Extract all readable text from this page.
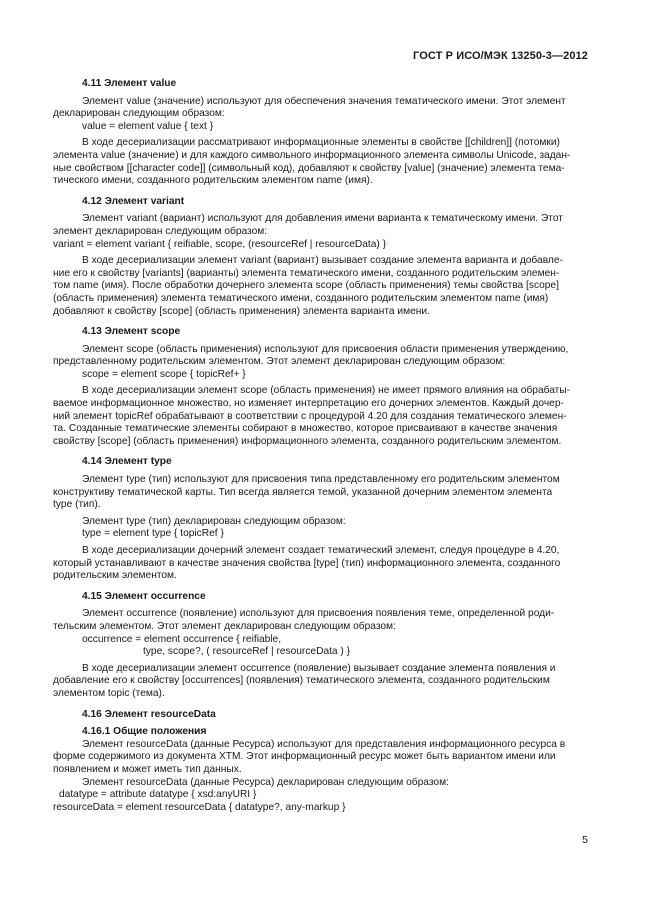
ГОСТ Р ИСО/МЭК 13250-3—2012
4.11 Элемент value
Элемент value (значение) используют для обеспечения значения тематического имени. Этот элемент
декларирован следующим образом:
value = element value { text }
В ходе десериализации рассматривают информационные элементы в свойстве [[children]] (потомки)
элемента value (значение) и для каждого символьного информационного элемента символы Unicode, задан-
ные свойством [[character code]] (символьный код), добавляют к свойству [value] (значение) элемента тема-
тического имени, созданного родительским элементом name (имя).
4.12 Элемент variant
Элемент variant (вариант) используют для добавления имени варианта к тематическому имени. Этот
элемент декларирован следующим образом:
variant = element variant { reifiable, scope, (resourceRef | resourceData) }
В ходе десериализации элемент variant (вариант) вызывает создание элемента варианта и добавле-
ние его к свойству [variants] (варианты) элемента тематического имени, созданного родительским элемен-
том name (имя). После обработки дочернего элемента scope (область применения) темы свойства [scope]
(область применения) элемента тематического имени, созданного родительским элементом name (имя)
добавляют к свойству [scope] (область применения) элемента варианта имени.
4.13 Элемент scope
Элемент scope (область применения) используют для присвоения области применения утверждению,
представленному родительским элементом. Этот элемент декларирован следующим образом:
scope = element scope { topicRef+ }
В ходе десериализации элемент scope (область применения) не имеет прямого влияния на обрабаты-
ваемое информационное множество, но изменяет интерпретацию его дочерних элементов. Каждый дочер-
ний элемент topicRef обрабатывают в соответствии с процедурой 4.20 для создания тематического элемен-
та. Созданные тематические элементы собирают в множество, которое присваивают в качестве значения
свойству [scope] (область применения) информационного элемента, созданного родительским элементом.
4.14 Элемент type
Элемент type (тип) используют для присвоения типа представленному его родительским элементом
конструктиву тематической карты. Тип всегда является темой, указанной дочерним элементом элемента
type (тип).
Элемент type (тип) декларирован следующим образом:
type = element type { topicRef }
В ходе десериализации дочерний элемент создает тематический элемент, следуя процедуре в 4.20,
который устанавливают в качестве значения свойства [type] (тип) информационного элемента, созданного
родительским элементом.
4.15 Элемент occurrence
Элемент occurrence (появление) используют для присвоения появления теме, определенной роди-
тельским элементом. Этот элемент декларирован следующим образом:
occurrence = element occurrence { reifiable,
type, scope?, ( resourceRef | resourceData ) }
В ходе десериализации элемент occurrence (появление) вызывает создание элемента появления и
добавление его к свойству [occurrences] (появления) тематического элемента, созданного родительским
элементом topic (тема).
4.16 Элемент resourceData
4.16.1 Общие положения
Элемент resourceData (данные Ресурса) используют для представления информационного ресурса в
форме содержимого из документа XTM. Этот информационный ресурс может быть вариантом имени или
появлением и может иметь тип данных.
Элемент resourceData (данные Ресурса) декларирован следующим образом:
datatype = attribute datatype { xsd:anyURI }
resourceData = element resourceData { datatype?, any-markup }
5
